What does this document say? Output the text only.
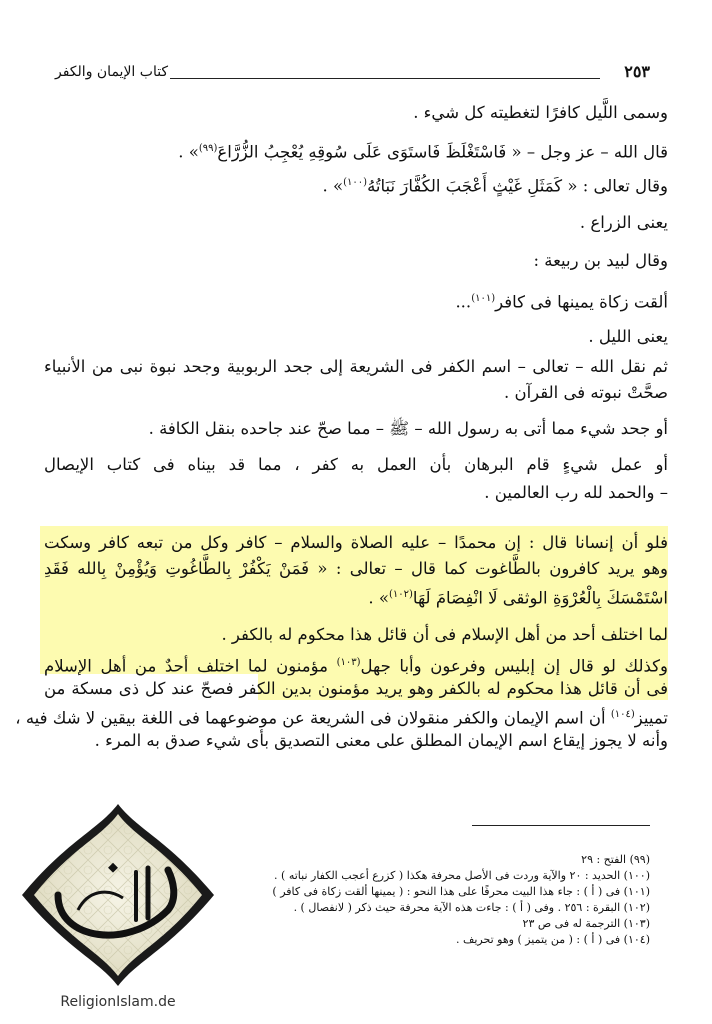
كتاب الإيمان والكفر	٢٥٣
وسمى اللَّيل كافرًا لتغطيته كل شيء .
قال الله – عز وجل – « فَاسْتَغْلَظَ فَاستَوَى عَلَى سُوقِهِ يُعْجِبُ الزُّرَّاعَ$^{(٩٩)}$» .
وقال تعالى : « كَمَثَلِ غَيْثٍ أَعْجَبَ الكُفَّارَ نَبَاتُهُ$^{(١٠٠)}$» .
يعنى الزراع .
وقال لبيد بن ربيعة :
ألقت زكاة يمينها فى كافر$^{(١٠١)}$...
يعنى الليل .
ثم نقل الله – تعالى – اسم الكفر فى الشريعة إلى جحد الربوبية وجحد نبوة نبى من الأنبياء
صحَّتْ نبوته فى القرآن .
أو جحد شيء مما أتى به رسول الله – ﷺ – مما صحّ عند جاحده بنقل الكافة .
أو عمل شيءٍ قام البرهان بأن العمل به كفر ، مما قد بيناه فى كتاب الإيصال
– والحمد لله رب العالمين .
فلو أن إنسانا قال : إن محمدًا – عليه الصلاة والسلام – كافر وكل من تبعه كافر وسكت
وهو يريد كافرون بالطَّاغوت كما قال – تعالى : « فَمَنْ يَكْفُرْ بِالطَّاغُوتِ وَيُؤْمِنْ بِالله فَقَدِ
اسْتَمْسَكَ بِالْعُرْوَةِ الوثقى لَا انْفِصَامَ لَهَا$^{(١٠٢)}$» .
لما اختلف أحد من أهل الإسلام فى أن قائل هذا محكوم له بالكفر .
وكذلك لو قال إن إبليس وفرعون وأبا جهل$^{(١٠٣)}$ مؤمنون لما اختلف أحدٌ من أهل الإسلام
فى أن قائل هذا محكوم له بالكفر وهو يريد مؤمنون بدين الكفر فصحّ عند كل ذى مسكة من
تمييز$^{(١٠٤)}$ أن اسم الإيمان والكفر منقولان فى الشريعة عن موضوعهما فى اللغة بيقين لا شك فيه ،
وأنه لا يجوز إيقاع اسم الإيمان المطلق على معنى التصديق بأى شيء صدق به المرء .
(٩٩) الفتح : ٢٩
(١٠٠) الحديد : ٢٠ والآية وردت فى الأصل محرفة هكذا ( كزرع أعجب الكفار نباته ) .
(١٠١) فى ( أ ) : جاء هذا البيت محرفًا على هذا النحو : ( يمينها ألقت زكاة فى كافر )
(١٠٢) البقرة : ٢٥٦ . وفى ( أ ) : جاءت هذه الآية محرفة حيث ذكر ( لانفصال ) .
(١٠٣) الترجمة له فى ص ٢٣
(١٠٤) فى ( أ ) : ( من يتميز ) وهو تحريف .
ReligionIslam.de
